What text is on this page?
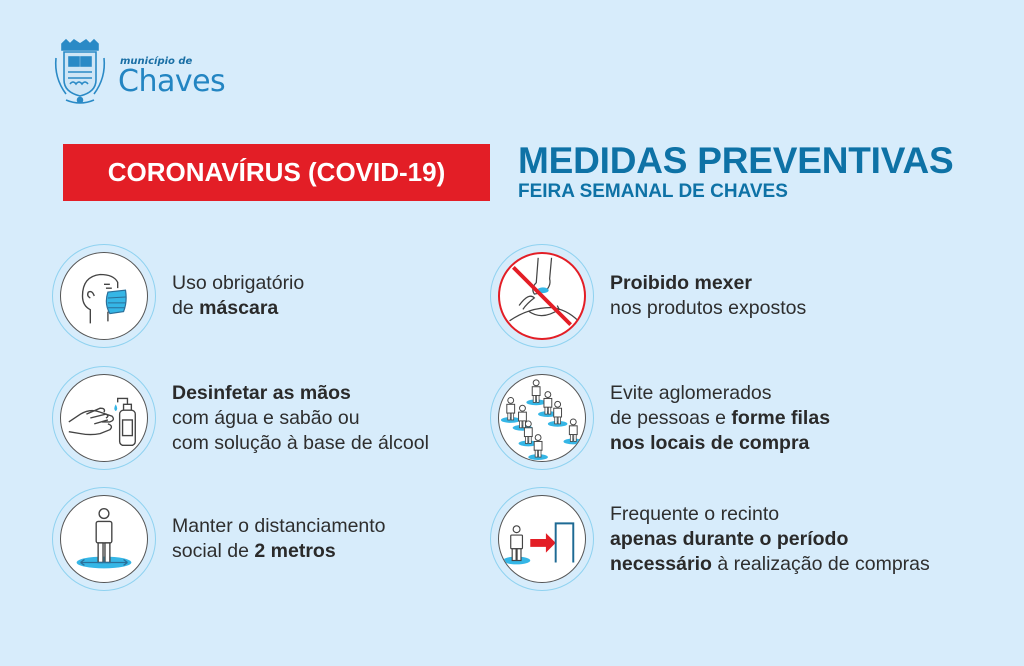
município de
Chaves
CORONAVÍRUS (COVID-19) MEDIDAS PREVENTIVAS
FEIRA SEMANAL DE CHAVES
Uso obrigatório
de máscara
Desinfetar as mãos
com água e sabão ou
com solução à base de álcool
Manter o distanciamento
social de 2 metros
Proibido mexer
nos produtos expostos
Evite aglomerados
de pessoas e forme filas
nos locais de compra
Frequente o recinto
apenas durante o período
necessário à realização de compras
